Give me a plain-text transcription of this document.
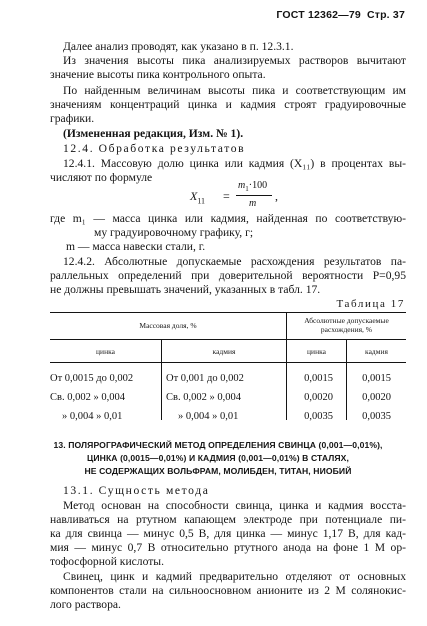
ГОСТ 12362—79 Стр. 37
Далее анализ проводят, как указано в п. 12.3.1.
Из значения высоты пика анализируемых растворов вычитают
значение высоты пика контрольного опыта.
По найденным величинам высоты пика и соответствующим им
значениям концентраций цинка и кадмия строят градуировочные
графики.
(Измененная редакция, Изм. № 1).
12.4. Обработка результатов
12.4.1. Массовую долю цинка или кадмия (X₁₁) в процентах вы-
числяют по формуле
$X_{11}$ =
$m_1\cdot 100$
m
,
где m₁ — масса цинка или кадмия, найденная по соответствую-
му градуировочному графику, г;
m — масса навески стали, г.
12.4.2. Абсолютные допускаемые расхождения результатов па-
раллельных определений при доверительной вероятности P=0,95
не должны превышать значений, указанных в табл. 17.
Таблица 17
Массовая доля, %
Абсолютные допускаемые
расхождения, %
цинка	кадмия	цинка	кадмия
От 0,0015 до 0,002	От 0,001 до 0,002	0,0015	0,0015
Св. 0,002 » 0,004	Св. 0,002 » 0,004	0,0020	0,0020
» 0,004 » 0,01	» 0,004 » 0,01	0,0035	0,0035
13. ПОЛЯРОГРАФИЧЕСКИЙ МЕТОД ОПРЕДЕЛЕНИЯ СВИНЦА (0,001—0,01%),
ЦИНКА (0,0015—0,01%) И КАДМИЯ (0,001—0,01%) В СТАЛЯХ,
НЕ СОДЕРЖАЩИХ ВОЛЬФРАМ, МОЛИБДЕН, ТИТАН, НИОБИЙ
13.1. Сущность метода
Метод основан на способности свинца, цинка и кадмия восста-
навливаться на ртутном капающем электроде при потенциале пи-
ка для свинца — минус 0,5 В, для цинка — минус 1,17 В, для кад-
мия — минус 0,7 В относительно ртутного анода на фоне 1 М ор-
тофосфорной кислоты.
Свинец, цинк и кадмий предварительно отделяют от основных
компонентов стали на сильноосновном анионите из 2 М солянокис-
лого раствора.
